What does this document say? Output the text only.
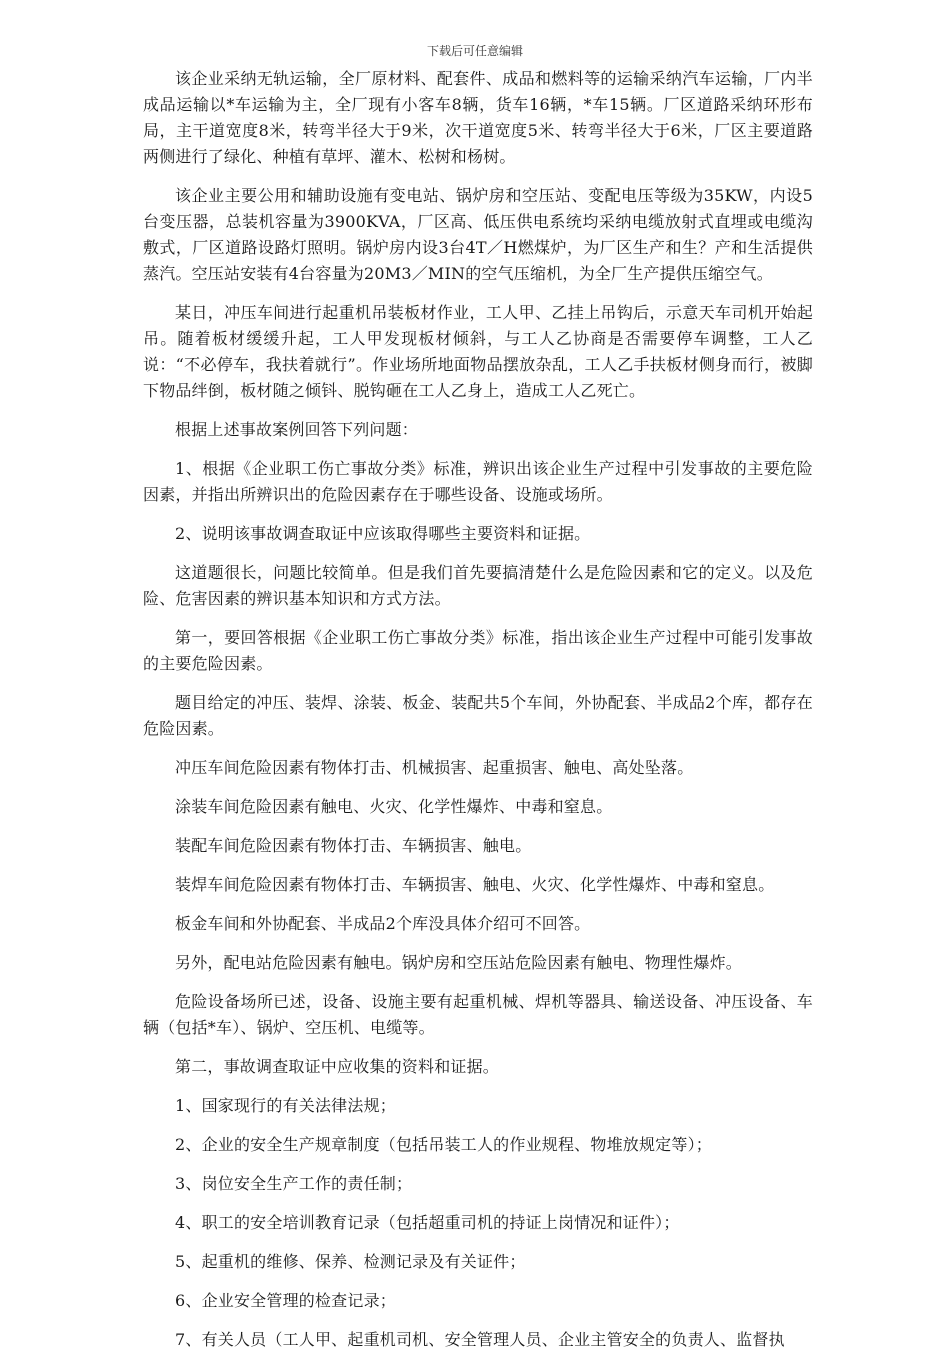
下载后可任意编辑

该企业采纳无轨运输，全厂原材料、配套件、成品和燃料等的运输采纳汽车运输，厂内半成品运输以*车运输为主，全厂现有小客车8辆，货车16辆，*车15辆。厂区道路采纳环形布局，主干道宽度8米，转弯半径大于9米，次干道宽度5米、转弯半径大于6米，厂区主要道路两侧进行了绿化、种植有草坪、灌木、松树和杨树。

该企业主要公用和辅助设施有变电站、锅炉房和空压站、变配电压等级为35KW，内设5台变压器，总装机容量为3900KVA，厂区高、低压供电系统均采纳电缆放射式直埋或电缆沟敷式，厂区道路设路灯照明。锅炉房内设3台4T／H燃煤炉，为厂区生产和生？产和生活提供蒸汽。空压站安装有4台容量为20M3／MIN的空气压缩机，为全厂生产提供压缩空气。

某日，冲压车间进行起重机吊装板材作业，工人甲、乙挂上吊钩后，示意天车司机开始起吊。随着板材缓缓升起，工人甲发现板材倾斜，与工人乙协商是否需要停车调整，工人乙说：“不必停车，我扶着就行”。作业场所地面物品摆放杂乱，工人乙手扶板材侧身而行，被脚下物品绊倒，板材随之倾钭、脱钩砸在工人乙身上，造成工人乙死亡。

根据上述事故案例回答下列问题：

1、根据《企业职工伤亡事故分类》标准，辨识出该企业生产过程中引发事故的主要危险因素，并指出所辨识出的危险因素存在于哪些设备、设施或场所。

2、说明该事故调查取证中应该取得哪些主要资料和证据。

这道题很长，问题比较简单。但是我们首先要搞清楚什么是危险因素和它的定义。以及危险、危害因素的辨识基本知识和方式方法。

第一，要回答根据《企业职工伤亡事故分类》标准，指出该企业生产过程中可能引发事故的主要危险因素。

题目给定的冲压、装焊、涂装、板金、装配共5个车间，外协配套、半成品2个库，都存在危险因素。

冲压车间危险因素有物体打击、机械损害、起重损害、触电、高处坠落。

涂装车间危险因素有触电、火灾、化学性爆炸、中毒和窒息。

装配车间危险因素有物体打击、车辆损害、触电。

装焊车间危险因素有物体打击、车辆损害、触电、火灾、化学性爆炸、中毒和窒息。

板金车间和外协配套、半成品2个库没具体介绍可不回答。

另外，配电站危险因素有触电。锅炉房和空压站危险因素有触电、物理性爆炸。

危险设备场所已述，设备、设施主要有起重机械、焊机等器具、输送设备、冲压设备、车辆（包括*车）、锅炉、空压机、电缆等。

第二，事故调查取证中应收集的资料和证据。

1、国家现行的有关法律法规；

2、企业的安全生产规章制度（包括吊装工人的作业规程、物堆放规定等）；

3、岗位安全生产工作的责任制；

4、职工的安全培训教育记录（包括超重司机的持证上岗情况和证件）；

5、起重机的维修、保养、检测记录及有关证件；

6、企业安全管理的检查记录；

7、有关人员（工人甲、起重机司机、安全管理人员、企业主管安全的负责人、监督执
